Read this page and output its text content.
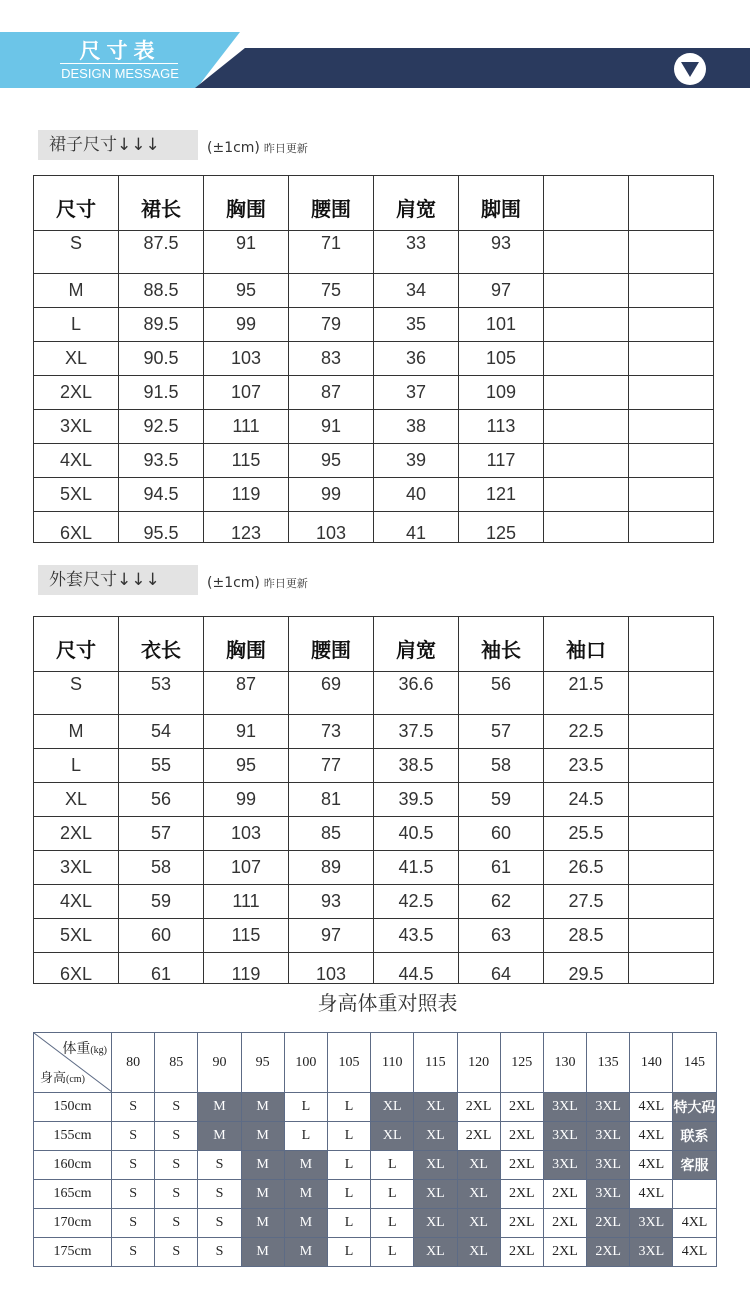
尺寸表
DESIGN MESSAGE
裙子尺寸↓↓↓	(±1cm) 昨日更新
尺寸	裙长	胸围	腰围	肩宽	脚围		
S	87.5	91	71	33	93		
M	88.5	95	75	34	97		
L	89.5	99	79	35	101		
XL	90.5	103	83	36	105		
2XL	91.5	107	87	37	109		
3XL	92.5	111	91	38	113		
4XL	93.5	115	95	39	117		
5XL	94.5	119	99	40	121		
6XL	95.5	123	103	41	125		
外套尺寸↓↓↓	(±1cm) 昨日更新
尺寸	衣长	胸围	腰围	肩宽	袖长	袖口	
S	53	87	69	36.6	56	21.5	
M	54	91	73	37.5	57	22.5	
L	55	95	77	38.5	58	23.5	
XL	56	99	81	39.5	59	24.5	
2XL	57	103	85	40.5	60	25.5	
3XL	58	107	89	41.5	61	26.5	
4XL	59	111	93	42.5	62	27.5	
5XL	60	115	97	43.5	63	28.5	
6XL	61	119	103	44.5	64	29.5	
身高体重对照表
体重(kg)
身高(cm)	80	85	90	95	100	105	110	115	120	125	130	135	140	145
150cm	S	S	M	M	L	L	XL	XL	2XL	2XL	3XL	3XL	4XL	特大码
155cm	S	S	M	M	L	L	XL	XL	2XL	2XL	3XL	3XL	4XL	联系
160cm	S	S	S	M	M	L	L	XL	XL	2XL	3XL	3XL	4XL	客服
165cm	S	S	S	M	M	L	L	XL	XL	2XL	2XL	3XL	4XL	
170cm	S	S	S	M	M	L	L	XL	XL	2XL	2XL	2XL	3XL	4XL
175cm	S	S	S	M	M	L	L	XL	XL	2XL	2XL	2XL	3XL	4XL
